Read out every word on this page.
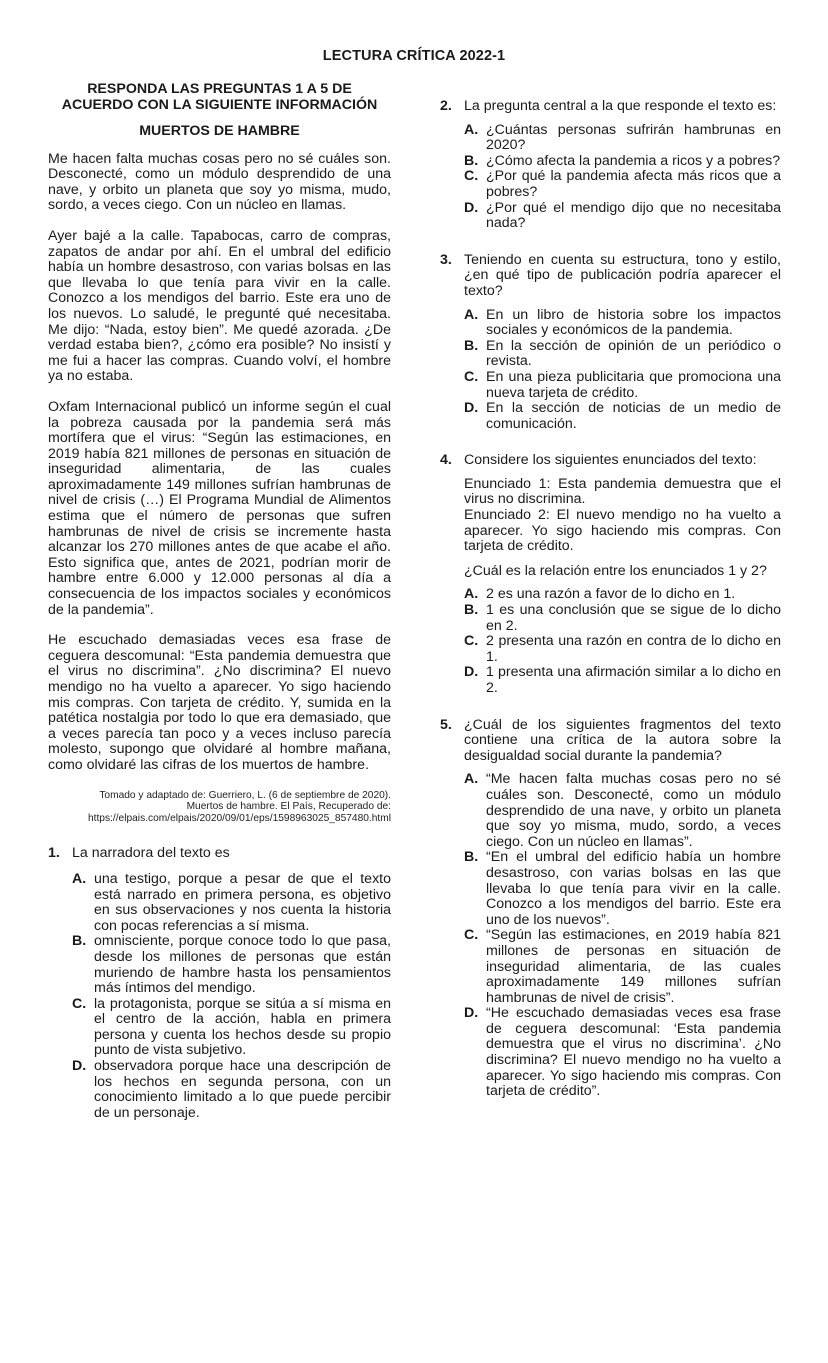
LECTURA CRÍTICA 2022-1

RESPONDA LAS PREGUNTAS 1 A 5 DE

ACUERDO CON LA SIGUIENTE INFORMACIÓN

MUERTOS DE HAMBRE

Me hacen falta muchas cosas pero no sé cuáles son. Desconecté, como un módulo desprendido de una nave, y orbito un planeta que soy yo misma, mudo, sordo, a veces ciego. Con un núcleo en llamas.

Ayer bajé a la calle. Tapabocas, carro de compras, zapatos de andar por ahí. En el umbral del edificio había un hombre desastroso, con varias bolsas en las que llevaba lo que tenía para vivir en la calle. Conozco a los mendigos del barrio. Este era uno de los nuevos. Lo saludé, le pregunté qué necesitaba. Me dijo: “Nada, estoy bien”. Me quedé azorada. ¿De verdad estaba bien?, ¿cómo era posible? No insistí y me fui a hacer las compras. Cuando volví, el hombre ya no estaba.

Oxfam Internacional publicó un informe según el cual la pobreza causada por la pandemia será más mortífera que el virus: “Según las estimaciones, en 2019 había 821 millones de personas en situación de inseguridad alimentaria, de las cuales aproximadamente 149 millones sufrían hambrunas de nivel de crisis (…) El Programa Mundial de Alimentos estima que el número de personas que sufren hambrunas de nivel de crisis se incremente hasta alcanzar los 270 millones antes de que acabe el año. Esto significa que, antes de 2021, podrían morir de hambre entre 6.000 y 12.000 personas al día a consecuencia de los impactos sociales y económicos de la pandemia”.

He escuchado demasiadas veces esa frase de ceguera descomunal: “Esta pandemia demuestra que el virus no discrimina”. ¿No discrimina? El nuevo mendigo no ha vuelto a aparecer. Yo sigo haciendo mis compras. Con tarjeta de crédito. Y, sumida en la patética nostalgia por todo lo que era demasiado, que a veces parecía tan poco y a veces incluso parecía molesto, supongo que olvidaré al hombre mañana, como olvidaré las cifras de los muertos de hambre.

Tomado y adaptado de: Guerriero, L. (6 de septiembre de 2020).
Muertos de hambre. El País, Recuperado de:
https://elpais.com/elpais/2020/09/01/eps/1598963025_857480.html
1. La narradora del texto es

A. una testigo, porque a pesar de que el texto está narrado en primera persona, es objetivo en sus observaciones y nos cuenta la historia con pocas referencias a sí misma.
B. omnisciente, porque conoce todo lo que pasa, desde los millones de personas que están muriendo de hambre hasta los pensamientos más íntimos del mendigo.
C. la protagonista, porque se sitúa a sí misma en el centro de la acción, habla en primera persona y cuenta los hechos desde su propio punto de vista subjetivo.
D. observadora porque hace una descripción de los hechos en segunda persona, con un conocimiento limitado a lo que puede percibir de un personaje.
2. La pregunta central a la que responde el texto es:

A. ¿Cuántas personas sufrirán hambrunas en 2020?
B. ¿Cómo afecta la pandemia a ricos y a pobres?
C. ¿Por qué la pandemia afecta más ricos que a pobres?
D. ¿Por qué el mendigo dijo que no necesitaba nada?
3. Teniendo en cuenta su estructura, tono y estilo, ¿en qué tipo de publicación podría aparecer el texto?

A. En un libro de historia sobre los impactos sociales y económicos de la pandemia.
B. En la sección de opinión de un periódico o revista.
C. En una pieza publicitaria que promociona una nueva tarjeta de crédito.
D. En la sección de noticias de un medio de comunicación.
4. Considere los siguientes enunciados del texto:

Enunciado 1: Esta pandemia demuestra que el virus no discrimina.

Enunciado 2: El nuevo mendigo no ha vuelto a aparecer. Yo sigo haciendo mis compras. Con tarjeta de crédito.

¿Cuál es la relación entre los enunciados 1 y 2?

A. 2 es una razón a favor de lo dicho en 1.
B. 1 es una conclusión que se sigue de lo dicho en 2.
C. 2 presenta una razón en contra de lo dicho en 1.
D. 1 presenta una afirmación similar a lo dicho en 2.
5. ¿Cuál de los siguientes fragmentos del texto contiene una crítica de la autora sobre la desigualdad social durante la pandemia?

A. “Me hacen falta muchas cosas pero no sé cuáles son. Desconecté, como un módulo desprendido de una nave, y orbito un planeta que soy yo misma, mudo, sordo, a veces ciego. Con un núcleo en llamas”.
B. “En el umbral del edificio había un hombre desastroso, con varias bolsas en las que llevaba lo que tenía para vivir en la calle. Conozco a los mendigos del barrio. Este era uno de los nuevos”.
C. “Según las estimaciones, en 2019 había 821 millones de personas en situación de inseguridad alimentaria, de las cuales aproximadamente 149 millones sufrían hambrunas de nivel de crisis”.
D. “He escuchado demasiadas veces esa frase de ceguera descomunal: ‘Esta pandemia demuestra que el virus no discrimina’. ¿No discrimina? El nuevo mendigo no ha vuelto a aparecer. Yo sigo haciendo mis compras. Con tarjeta de crédito”.
